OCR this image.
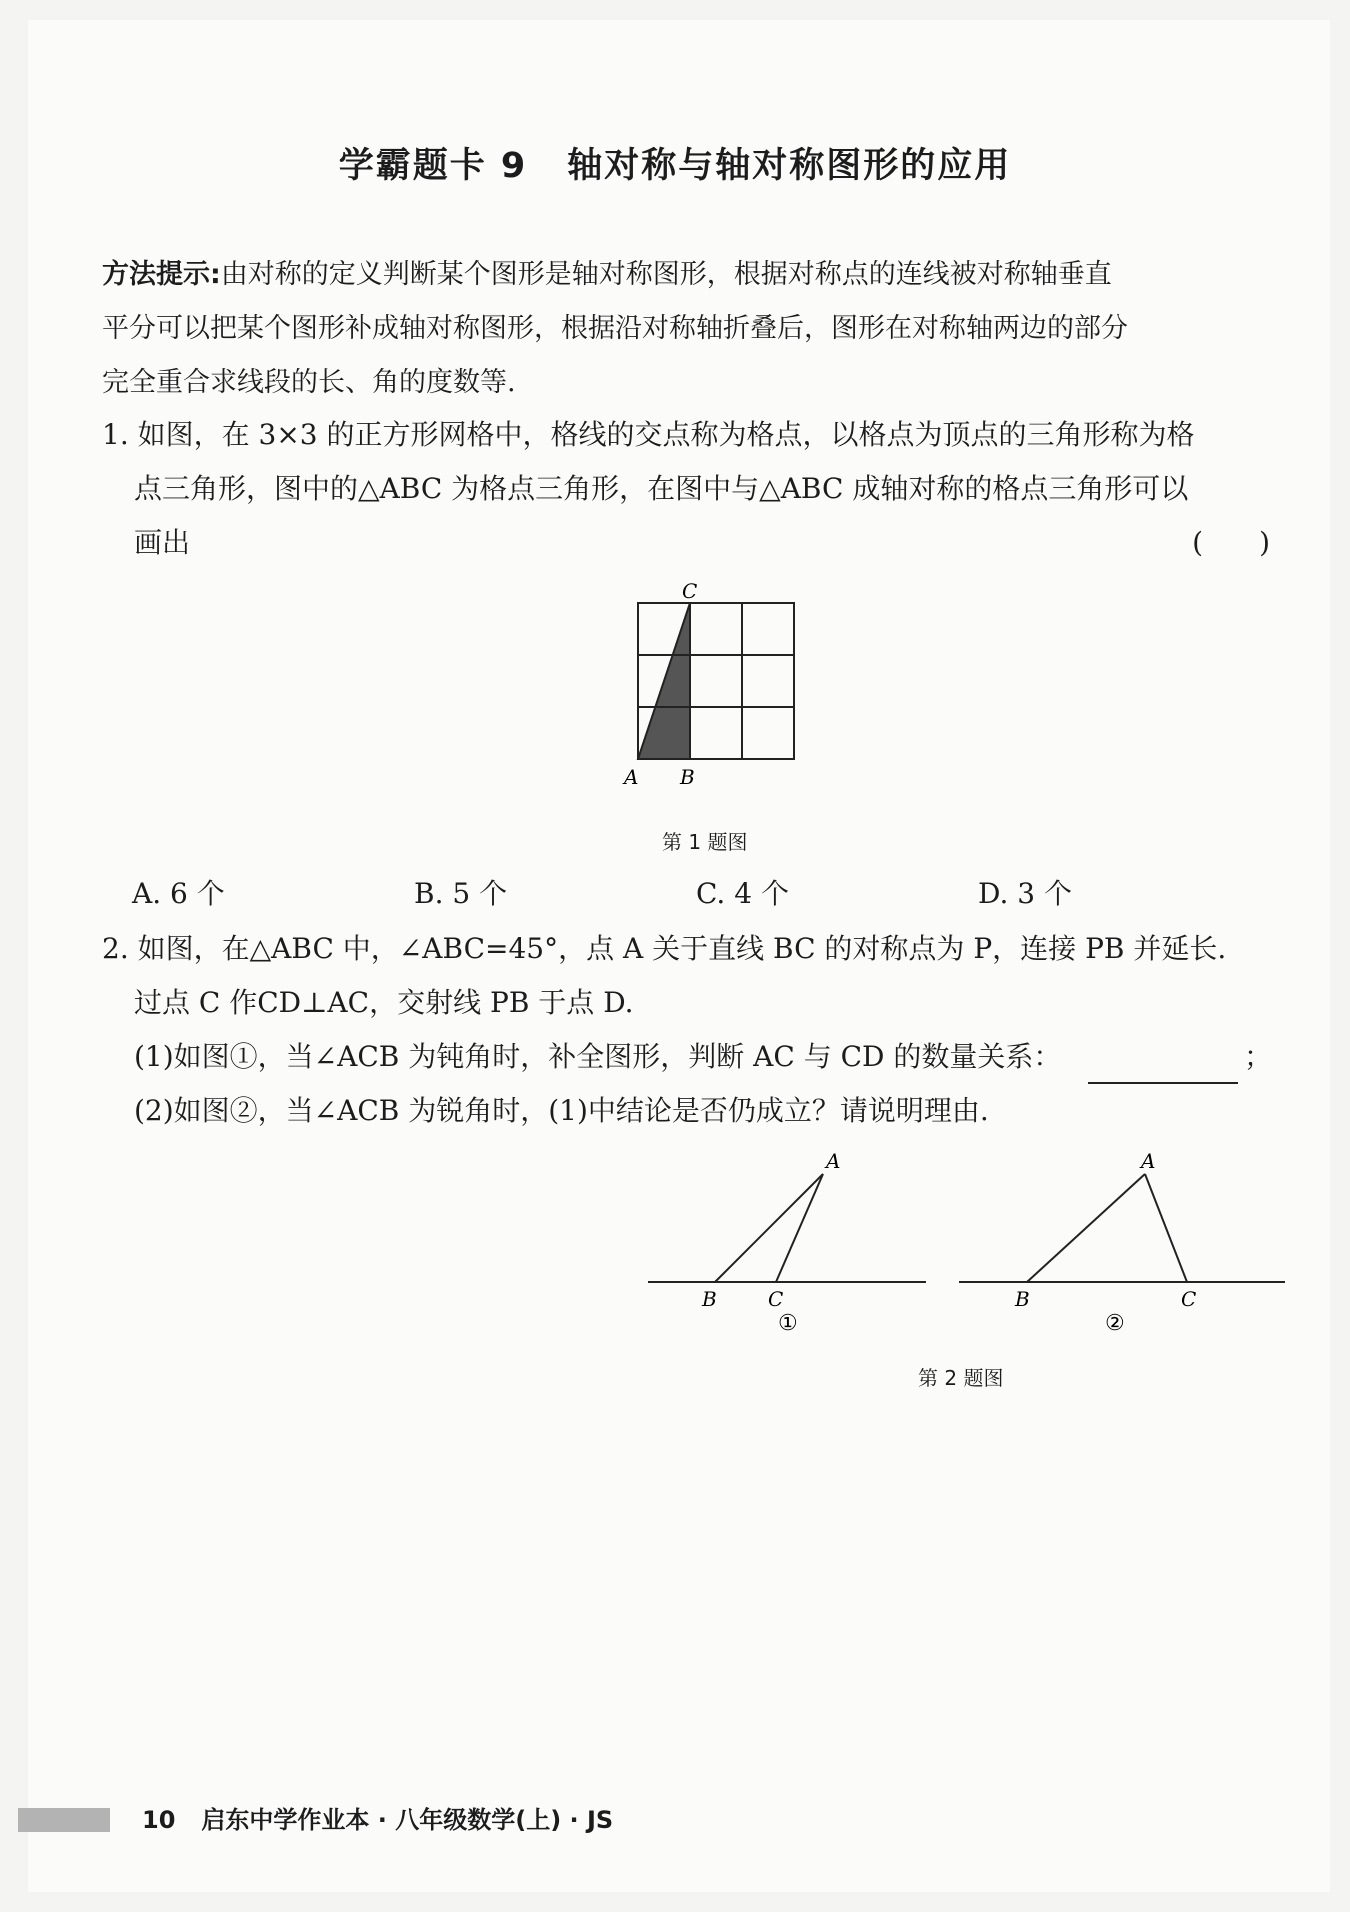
学霸题卡 9 轴对称与轴对称图形的应用
方法提示:由对称的定义判断某个图形是轴对称图形，根据对称点的连线被对称轴垂直
平分可以把某个图形补成轴对称图形，根据沿对称轴折叠后，图形在对称轴两边的部分
完全重合求线段的长、角的度数等.
1. 如图，在 3×3 的正方形网格中，格线的交点称为格点，以格点为顶点的三角形称为格
点三角形，图中的△ABC 为格点三角形，在图中与△ABC 成轴对称的格点三角形可以
画出	(　　)
C
A B
第 1 题图
A. 6 个	B. 5 个	C. 4 个	D. 3 个
2. 如图，在△ABC 中，∠ABC=45°，点 A 关于直线 BC 的对称点为 P，连接 PB 并延长.
过点 C 作CD⊥AC，交射线 PB 于点 D.
(1)如图①，当∠ACB 为钝角时，补全图形，判断 AC 与 CD 的数量关系：	；
(2)如图②，当∠ACB 为锐角时，(1)中结论是否仍成立？请说明理由.
A
B	C
①
A
B	C
②
第 2 题图
10 启东中学作业本 · 八年级数学(上) · JS
